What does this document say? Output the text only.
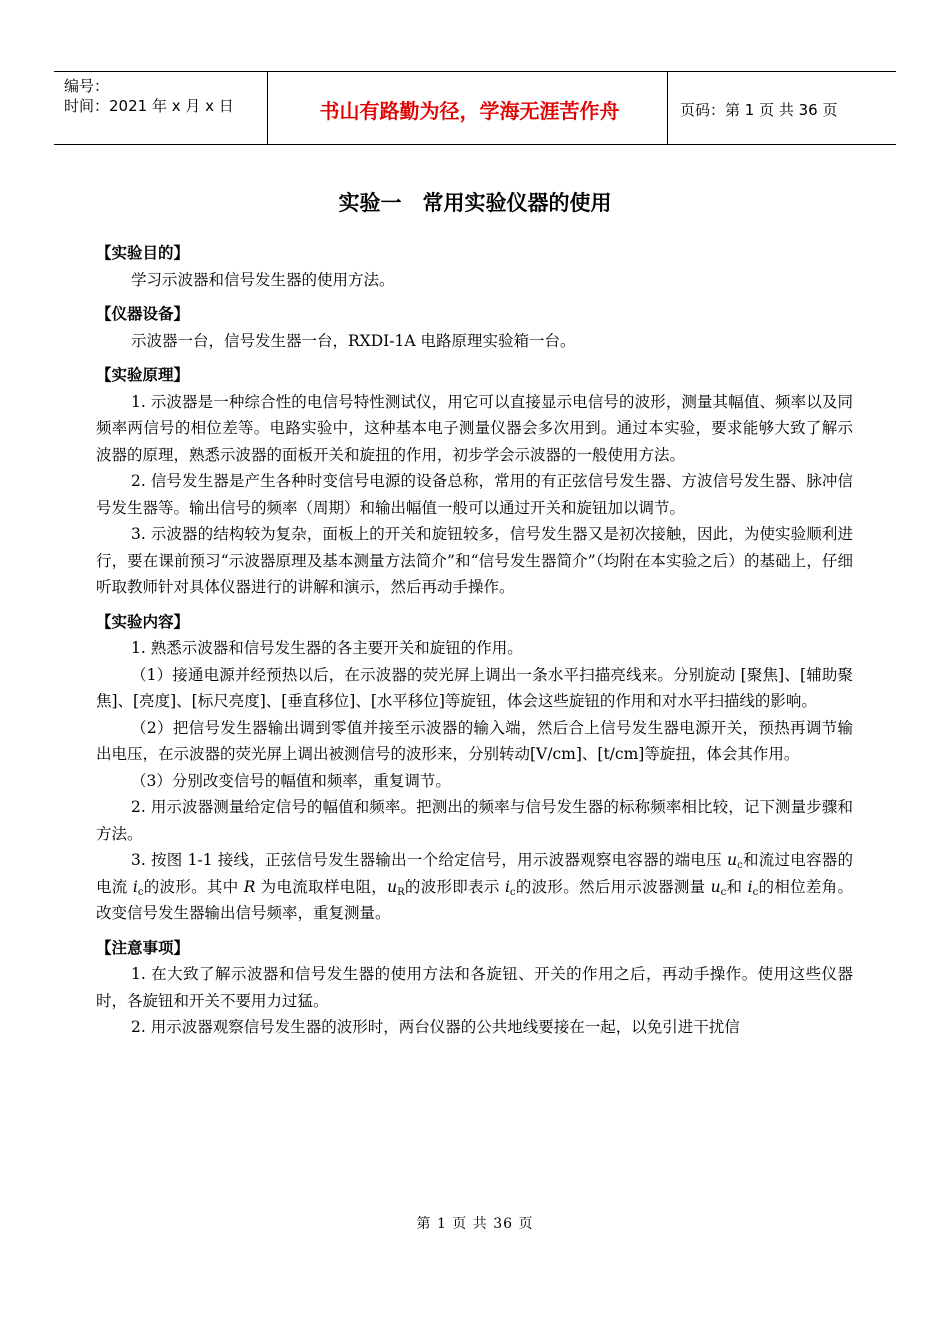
编号：
时间：2021 年 x 月 x 日	书山有路勤为径，学海无涯苦作舟	页码：第 1 页 共 36 页
实验一　常用实验仪器的使用
【实验目的】

学习示波器和信号发生器的使用方法。

【仪器设备】

示波器一台，信号发生器一台，RXDI-1A 电路原理实验箱一台。

【实验原理】

1. 示波器是一种综合性的电信号特性测试仪，用它可以直接显示电信号的波形，测量其幅值、频率以及同频率两信号的相位差等。电路实验中，这种基本电子测量仪器会多次用到。通过本实验，要求能够大致了解示波器的原理，熟悉示波器的面板开关和旋扭的作用，初步学会示波器的一般使用方法。

2. 信号发生器是产生各种时变信号电源的设备总称，常用的有正弦信号发生器、方波信号发生器、脉冲信号发生器等。输出信号的频率（周期）和输出幅值一般可以通过开关和旋钮加以调节。

3. 示波器的结构较为复杂，面板上的开关和旋钮较多，信号发生器又是初次接触，因此，为使实验顺利进行，要在课前预习“示波器原理及基本测量方法简介”和“信号发生器简介”（均附在本实验之后）的基础上，仔细听取教师针对具体仪器进行的讲解和演示，然后再动手操作。

【实验内容】

1. 熟悉示波器和信号发生器的各主要开关和旋钮的作用。

（1）接通电源并经预热以后，在示波器的荧光屏上调出一条水平扫描亮线来。分别旋动 [聚焦]、[辅助聚焦]、[亮度]、[标尺亮度]、[垂直移位]、[水平移位]等旋钮，体会这些旋钮的作用和对水平扫描线的影响。

（2）把信号发生器输出调到零值并接至示波器的输入端，然后合上信号发生器电源开关，预热再调节输出电压，在示波器的荧光屏上调出被测信号的波形来，分别转动[V/cm]、[t/cm]等旋扭，体会其作用。

（3）分别改变信号的幅值和频率，重复调节。

2. 用示波器测量给定信号的幅值和频率。把测出的频率与信号发生器的标称频率相比较，记下测量步骤和方法。

3. 按图 1-1 接线，正弦信号发生器输出一个给定信号，用示波器观察电容器的端电压 $u_c$和流过电容器的电流 $i_c$的波形。其中 R 为电流取样电阻，$u_R$的波形即表示 $i_c$的波形。然后用示波器测量 $u_c$和 $i_c$的相位差角。改变信号发生器输出信号频率，重复测量。

【注意事项】

1. 在大致了解示波器和信号发生器的使用方法和各旋钮、开关的作用之后，再动手操作。使用这些仪器时，各旋钮和开关不要用力过猛。

2. 用示波器观察信号发生器的波形时，两台仪器的公共地线要接在一起，以免引进干扰信

第 1 页 共 36 页
